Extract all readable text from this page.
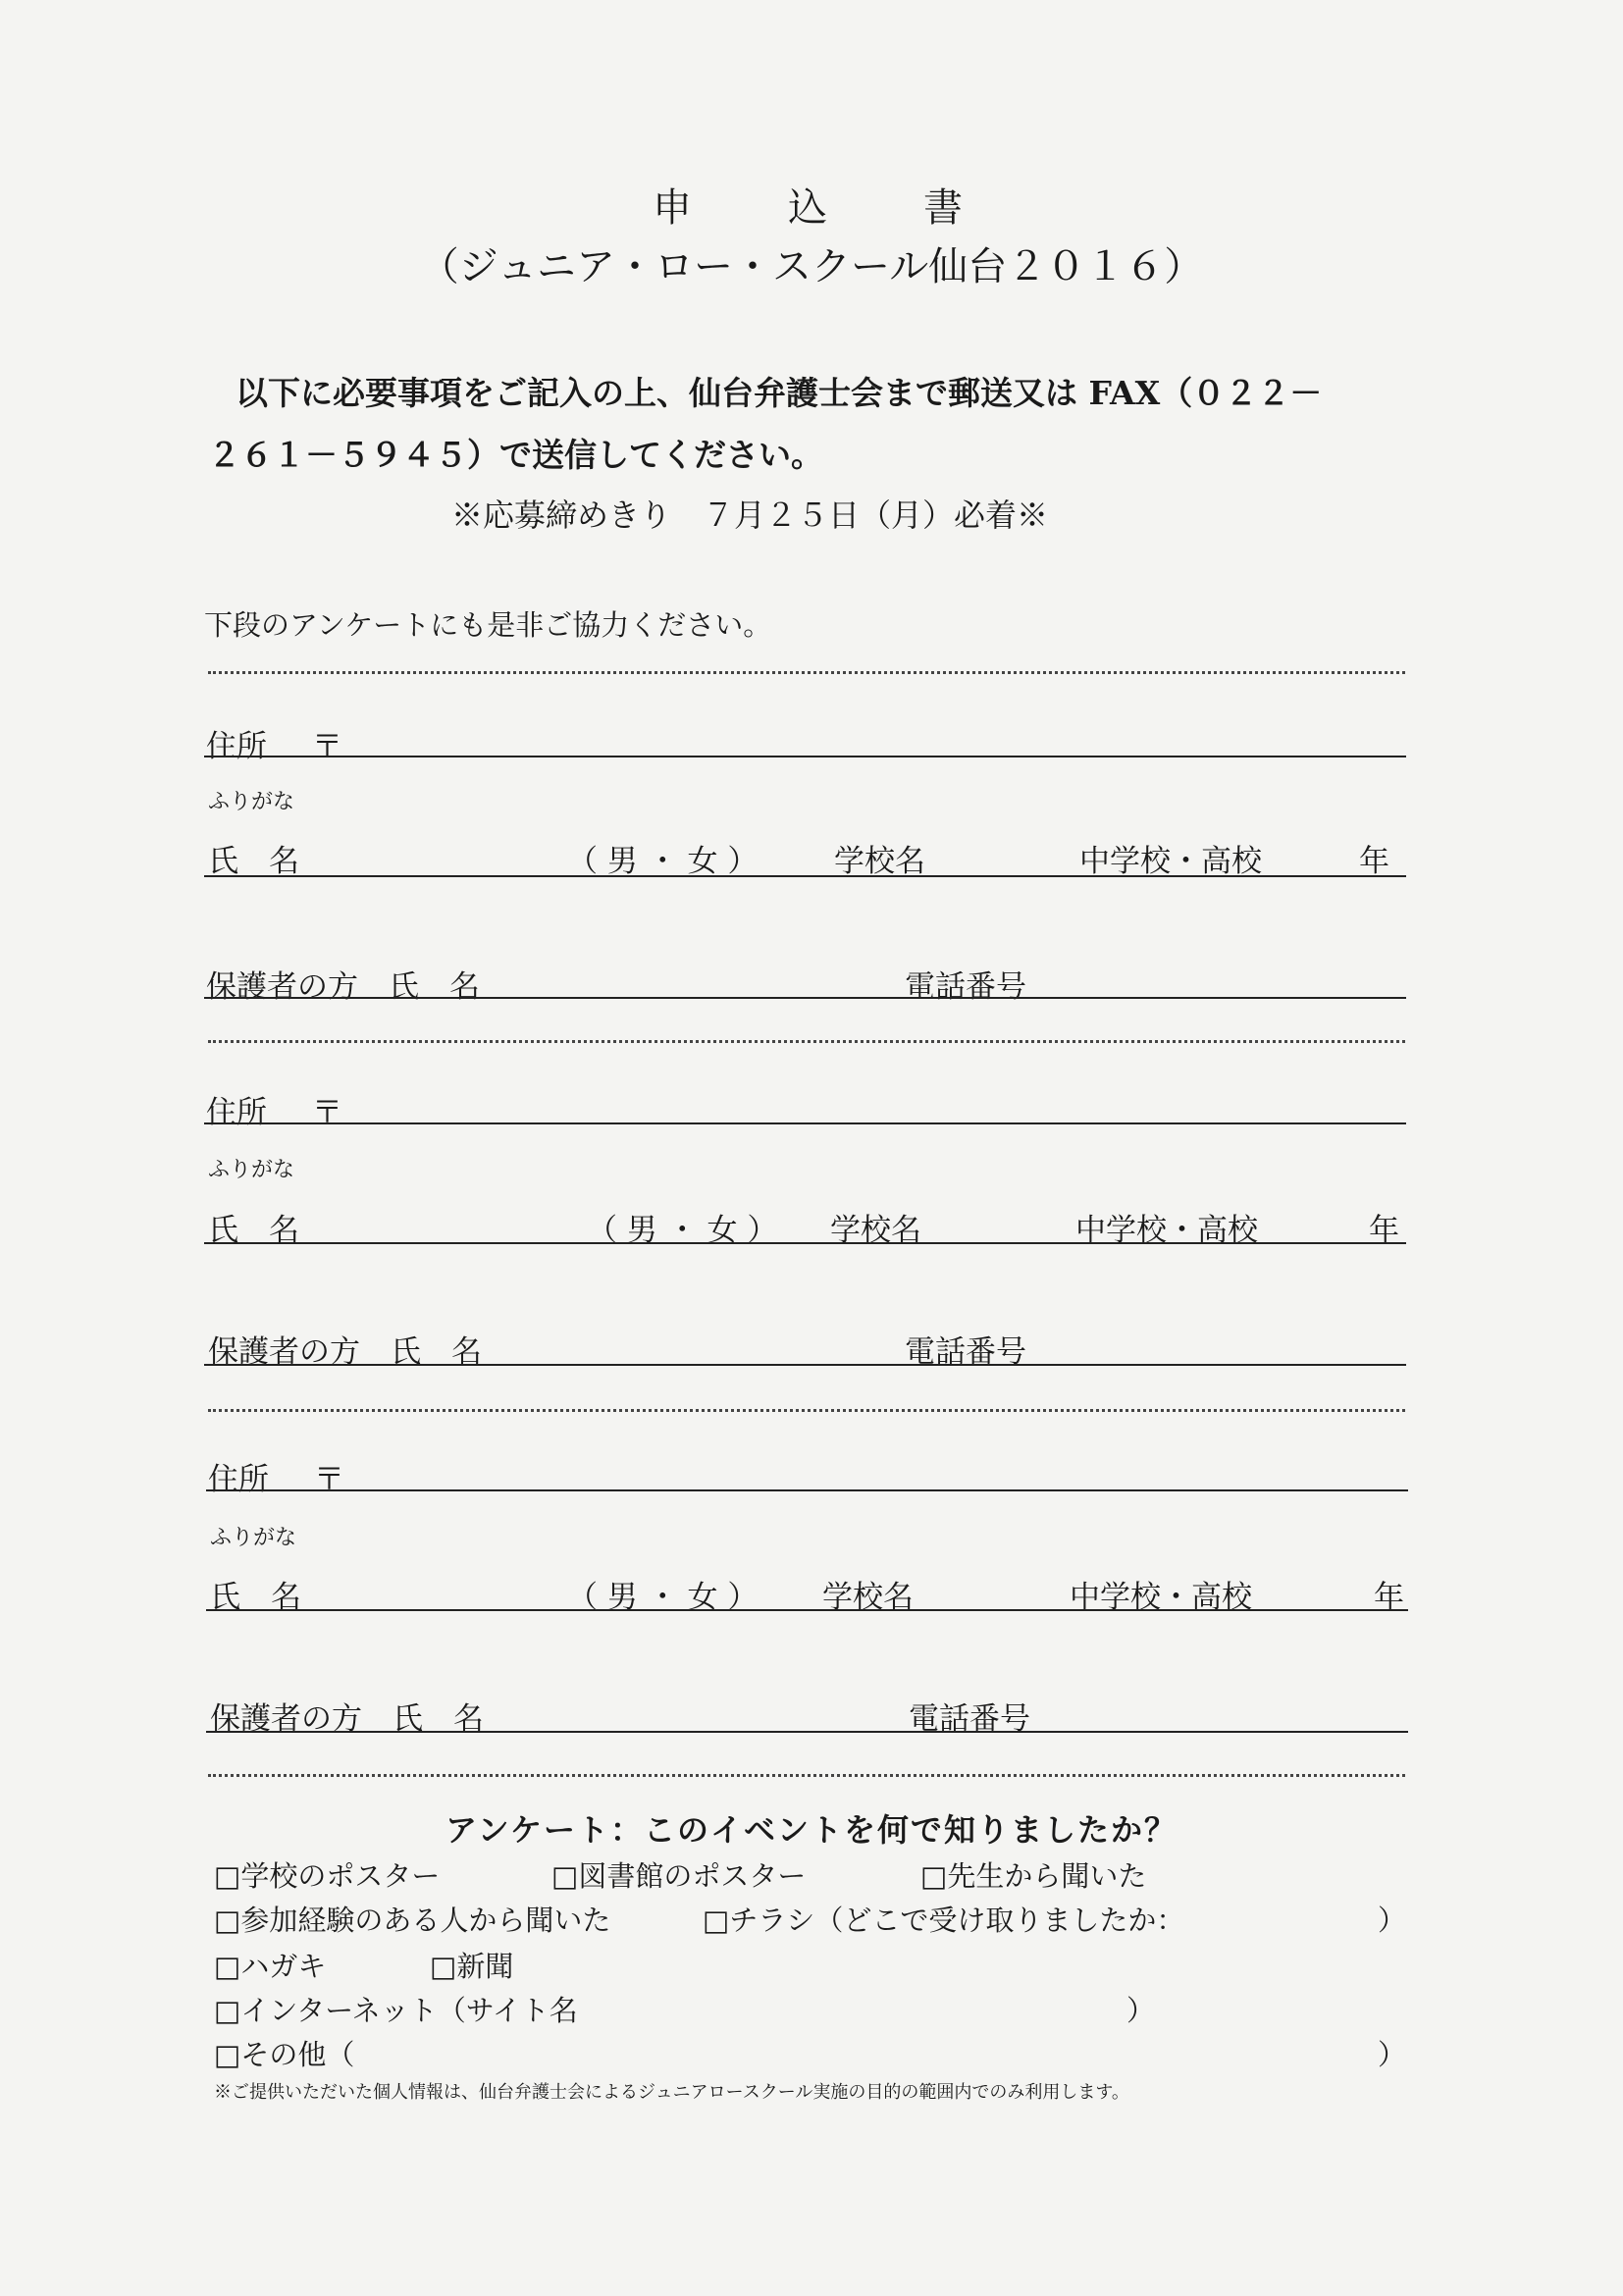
申 込 書
（ジュニア・ロー・スクール仙台２０１６）
以下に必要事項をご記入の上、仙台弁護士会まで郵送又は FAX（０２２－
２６１－５９４５）で送信してください。
※応募締めきり　７月２５日（月）必着※
下段のアンケートにも是非ご協力ください。
住所 〒
ふりがな
氏　名	（ 男 ・ 女 ）	学校名	中学校・高校	年
保護者の方　氏　名	電話番号
住所 〒
ふりがな
氏　名	（ 男 ・ 女 ） 学校名	中学校・高校	年
保護者の方　氏　名	電話番号
住所 〒
ふりがな
氏　名	（ 男 ・ 女 ） 学校名	中学校・高校	年
保護者の方　氏　名	電話番号
アンケート：このイベントを何で知りましたか？
□学校のポスター	□図書館のポスター	□先生から聞いた
□参加経験のある人から聞いた	□チラシ（どこで受け取りましたか：	）
□ハガキ	□新聞
□インターネット（サイト名	）
□その他（	）
※ご提供いただいた個人情報は、仙台弁護士会によるジュニアロースクール実施の目的の範囲内でのみ利用します。
